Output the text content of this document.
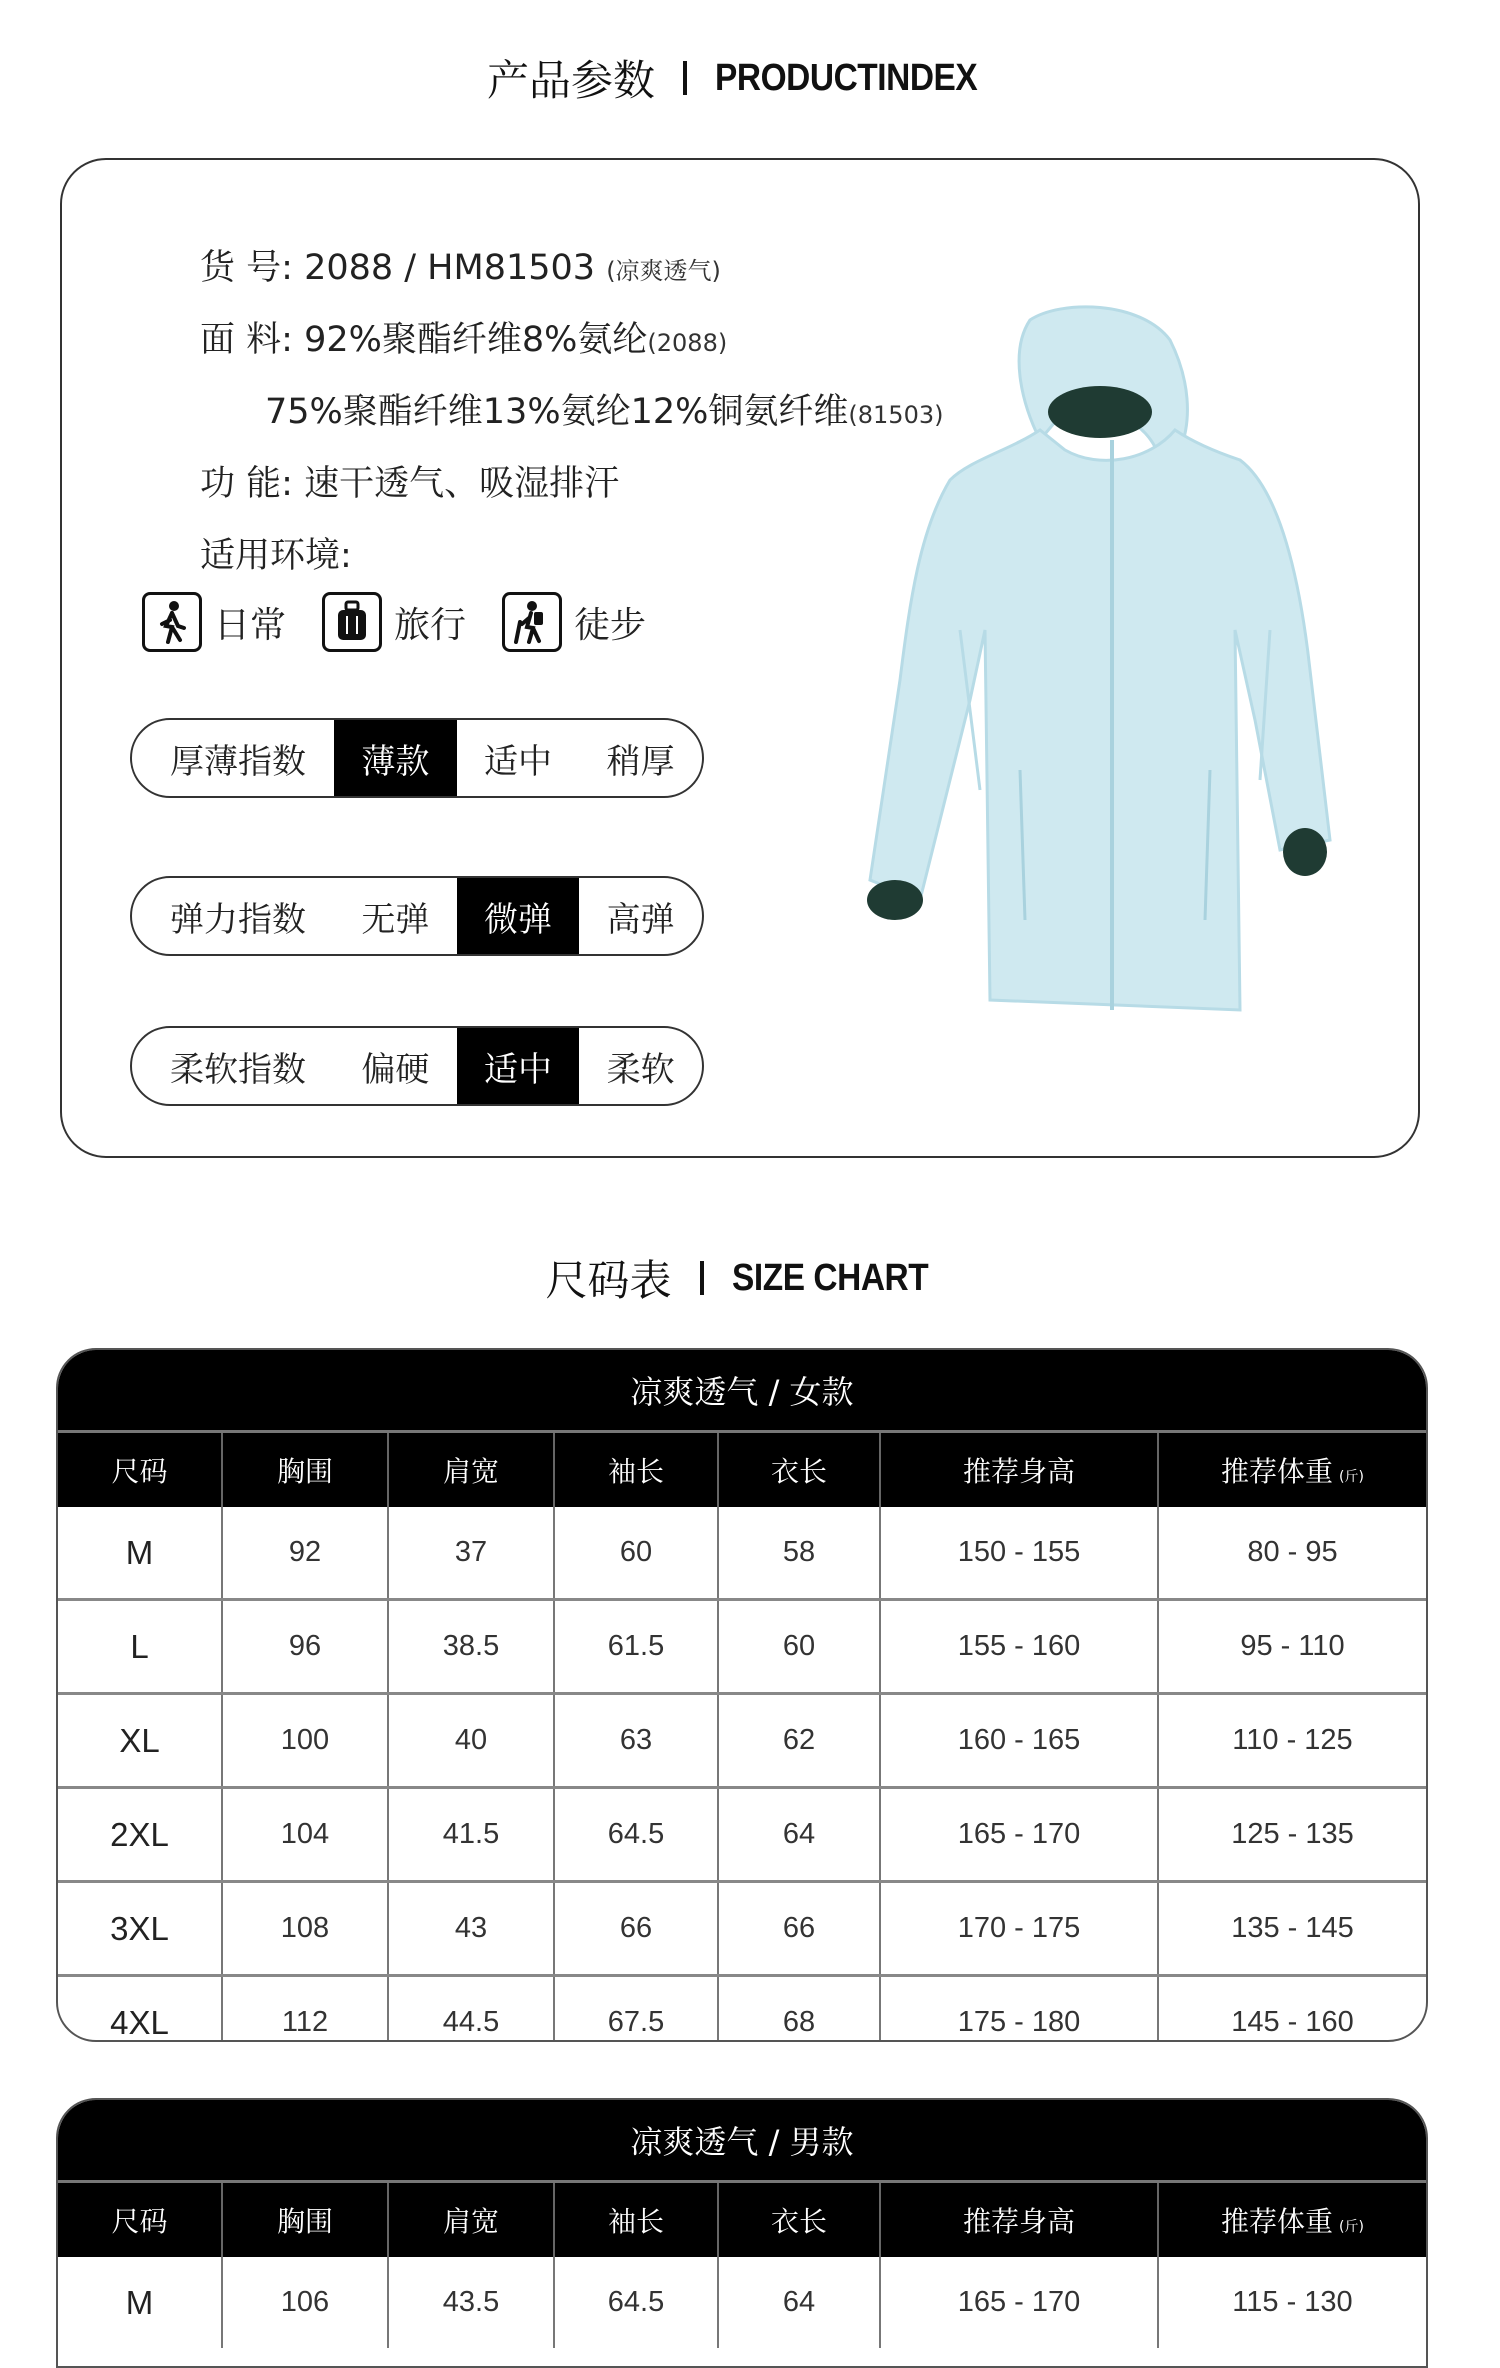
产品参数 PRODUCTINDEX
货 号: 2088 / HM81503 (凉爽透气)
面 料: 92%聚酯纤维8%氨纶(2088)
75%聚酯纤维13%氨纶12%铜氨纤维(81503)
功 能: 速干透气、吸湿排汗
适用环境:
日常	旅行	徒步
厚薄指数	薄款	适中	稍厚
弹力指数	无弹	微弹	高弹
柔软指数	偏硬	适中	柔软
尺码表 SIZE CHART
凉爽透气 / 女款
尺码	胸围	肩宽	袖长	衣长	推荐身高	推荐体重 (斤)
M	92	37	60	58	150 - 155	80 - 95
L	96	38.5	61.5	60	155 - 160	95 - 110
XL	100	40	63	62	160 - 165	110 - 125
2XL	104	41.5	64.5	64	165 - 170	125 - 135
3XL	108	43	66	66	170 - 175	135 - 145
4XL	112	44.5	67.5	68	175 - 180	145 - 160
凉爽透气 / 男款
尺码	胸围	肩宽	袖长	衣长	推荐身高	推荐体重 (斤)
M	106	43.5	64.5	64	165 - 170	115 - 130
